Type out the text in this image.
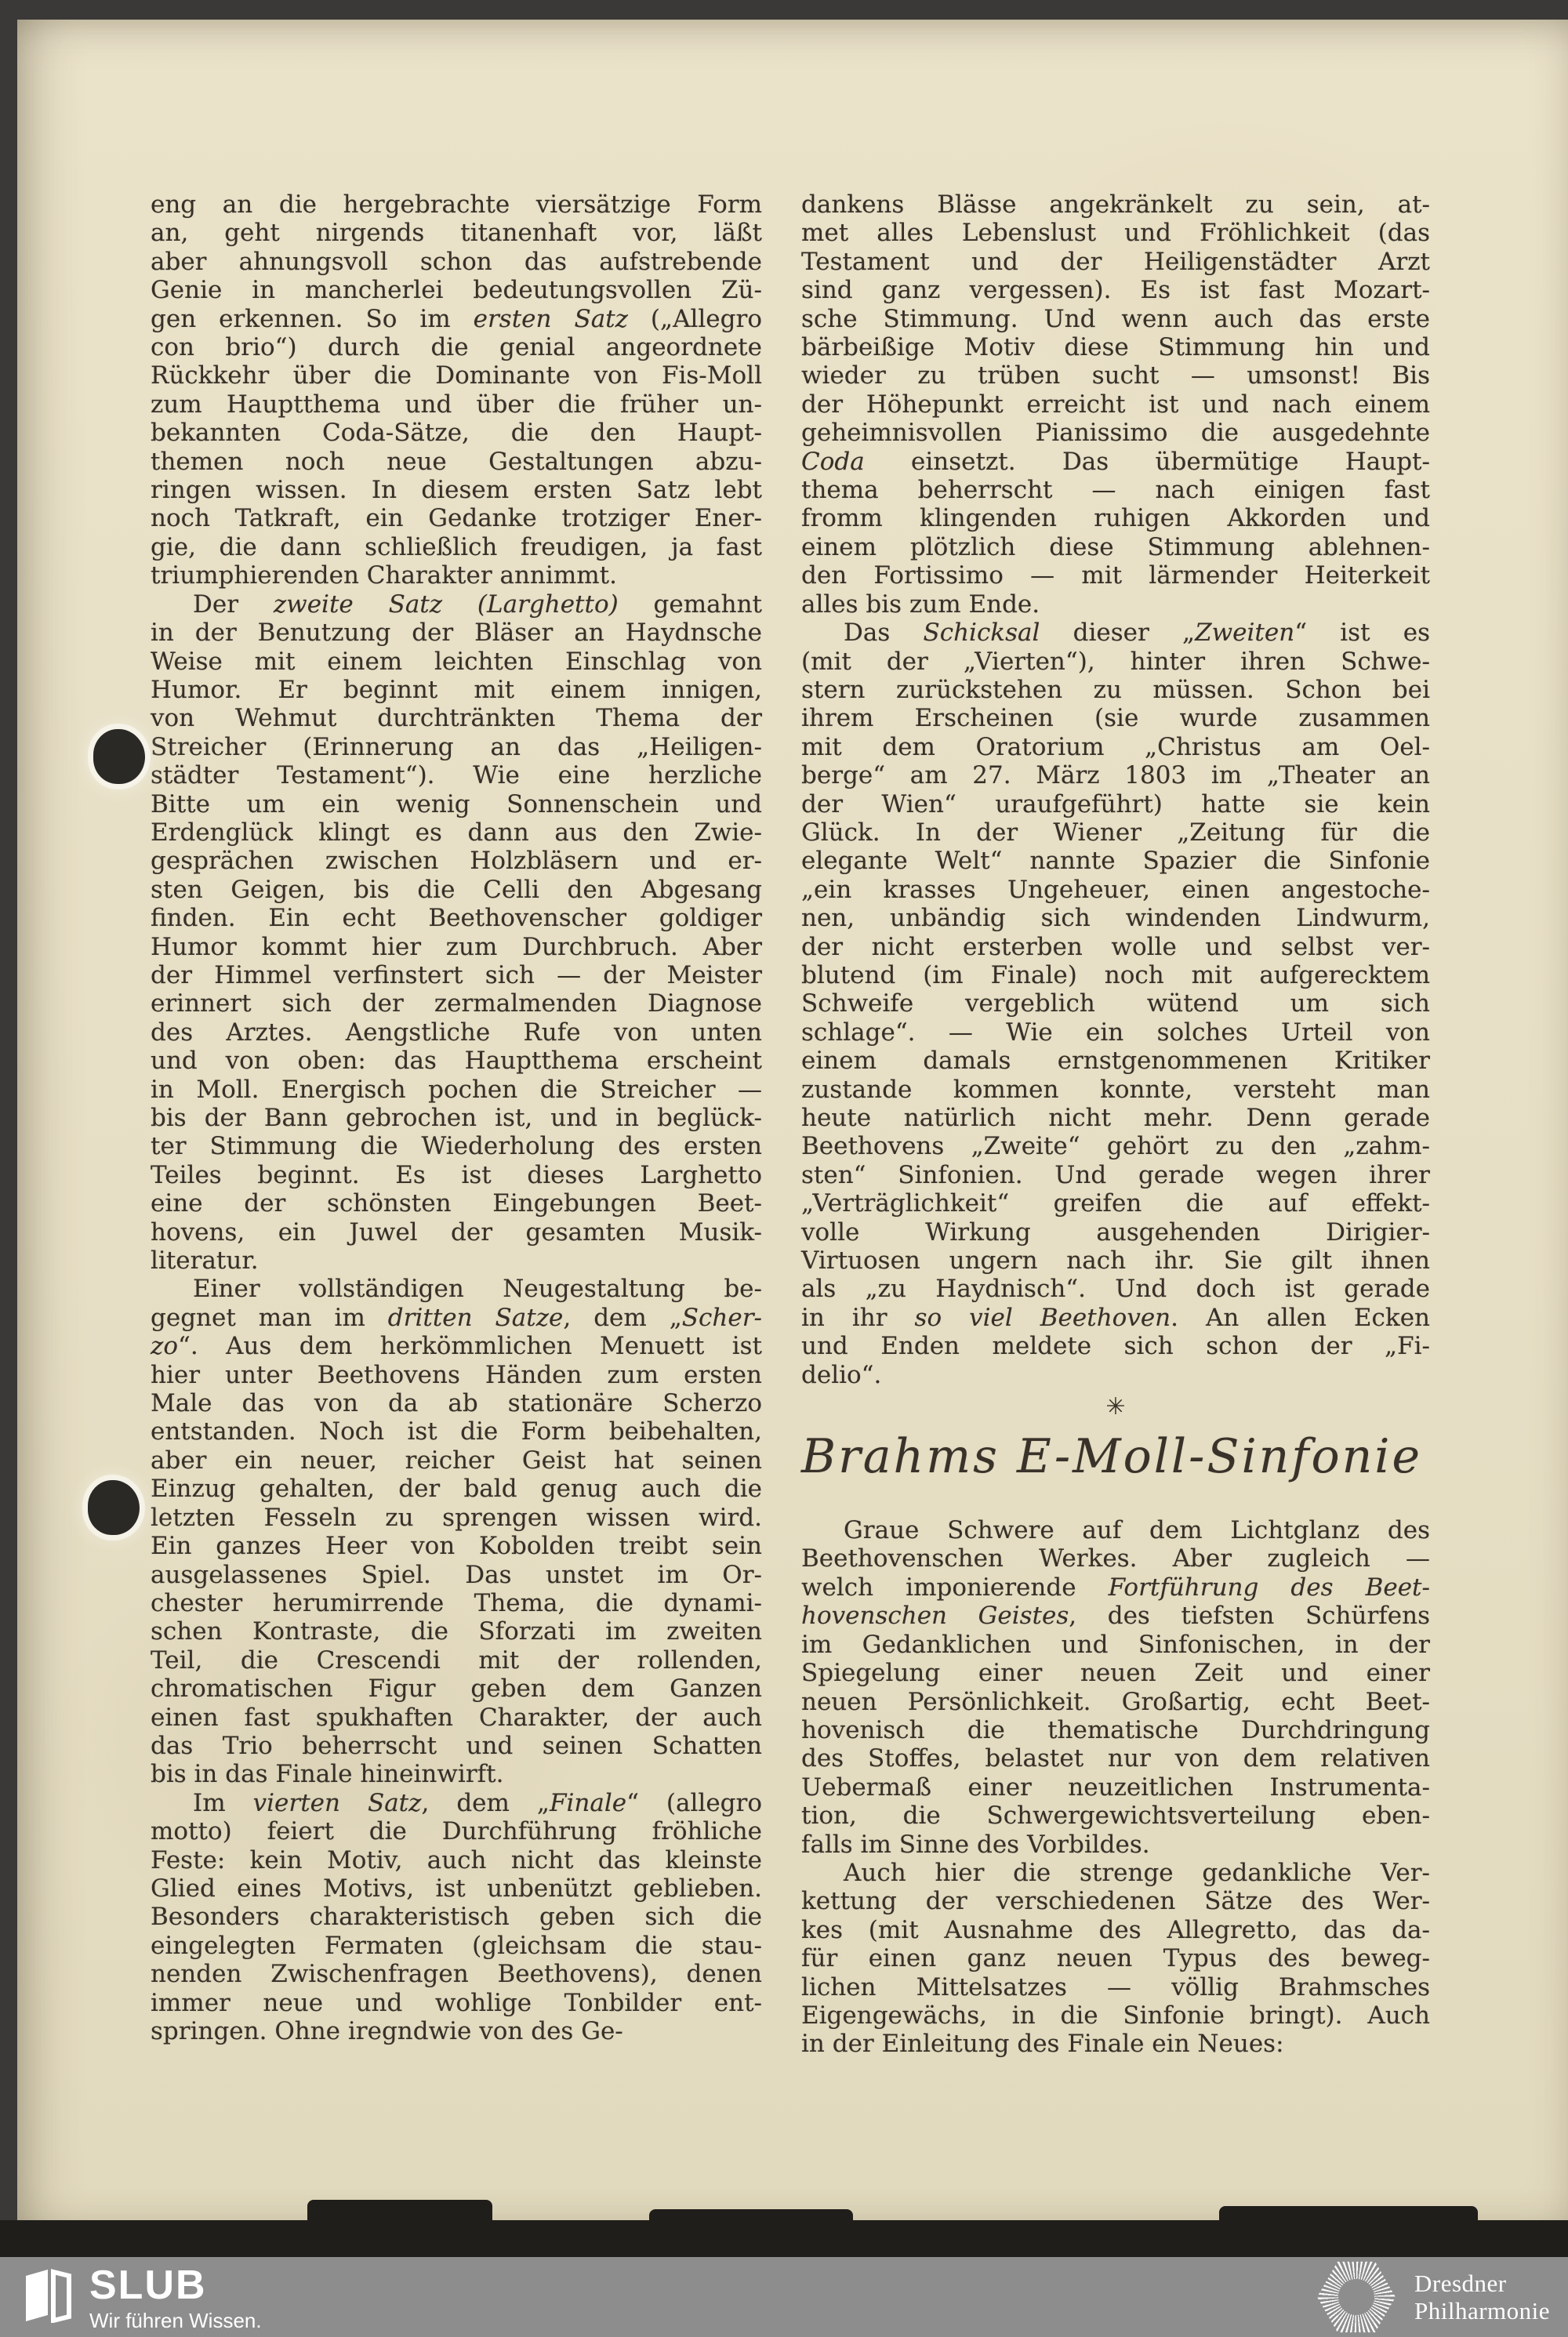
eng an die hergebrachte viersätzige Form
an, geht nirgends titanenhaft vor, läßt
aber ahnungsvoll schon das aufstrebende
Genie in mancherlei bedeutungsvollen Zü-
gen erkennen. So im ersten Satz („Allegro
con brio“) durch die genial angeordnete
Rückkehr über die Dominante von Fis-Moll
zum Hauptthema und über die früher un-
bekannten Coda-Sätze, die den Haupt-
themen noch neue Gestaltungen abzu-
ringen wissen. In diesem ersten Satz lebt
noch Tatkraft, ein Gedanke trotziger Ener-
gie, die dann schließlich freudigen, ja fast
triumphierenden Charakter annimmt.
Der zweite Satz (Larghetto) gemahnt
in der Benutzung der Bläser an Haydnsche
Weise mit einem leichten Einschlag von
Humor. Er beginnt mit einem innigen,
von Wehmut durchtränkten Thema der
Streicher (Erinnerung an das „Heiligen-
städter Testament“). Wie eine herzliche
Bitte um ein wenig Sonnenschein und
Erdenglück klingt es dann aus den Zwie-
gesprächen zwischen Holzbläsern und er-
sten Geigen, bis die Celli den Abgesang
finden. Ein echt Beethovenscher goldiger
Humor kommt hier zum Durchbruch. Aber
der Himmel verfinstert sich — der Meister
erinnert sich der zermalmenden Diagnose
des Arztes. Aengstliche Rufe von unten
und von oben: das Hauptthema erscheint
in Moll. Energisch pochen die Streicher —
bis der Bann gebrochen ist, und in beglück-
ter Stimmung die Wiederholung des ersten
Teiles beginnt. Es ist dieses Larghetto
eine der schönsten Eingebungen Beet-
hovens, ein Juwel der gesamten Musik-
literatur.
Einer vollständigen Neugestaltung be-
gegnet man im dritten Satze, dem „Scher-
zo“. Aus dem herkömmlichen Menuett ist
hier unter Beethovens Händen zum ersten
Male das von da ab stationäre Scherzo
entstanden. Noch ist die Form beibehalten,
aber ein neuer, reicher Geist hat seinen
Einzug gehalten, der bald genug auch die
letzten Fesseln zu sprengen wissen wird.
Ein ganzes Heer von Kobolden treibt sein
ausgelassenes Spiel. Das unstet im Or-
chester herumirrende Thema, die dynami-
schen Kontraste, die Sforzati im zweiten
Teil, die Crescendi mit der rollenden,
chromatischen Figur geben dem Ganzen
einen fast spukhaften Charakter, der auch
das Trio beherrscht und seinen Schatten
bis in das Finale hineinwirft.
Im vierten Satz, dem „Finale“ (allegro
motto) feiert die Durchführung fröhliche
Feste: kein Motiv, auch nicht das kleinste
Glied eines Motivs, ist unbenützt geblieben.
Besonders charakteristisch geben sich die
eingelegten Fermaten (gleichsam die stau-
nenden Zwischenfragen Beethovens), denen
immer neue und wohlige Tonbilder ent-
springen. Ohne iregndwie von des Ge-
dankens Blässe angekränkelt zu sein, at-
met alles Lebenslust und Fröhlichkeit (das
Testament und der Heiligenstädter Arzt
sind ganz vergessen). Es ist fast Mozart-
sche Stimmung. Und wenn auch das erste
bärbeißige Motiv diese Stimmung hin und
wieder zu trüben sucht — umsonst! Bis
der Höhepunkt erreicht ist und nach einem
geheimnisvollen Pianissimo die ausgedehnte
Coda einsetzt. Das übermütige Haupt-
thema beherrscht — nach einigen fast
fromm klingenden ruhigen Akkorden und
einem plötzlich diese Stimmung ablehnen-
den Fortissimo — mit lärmender Heiterkeit
alles bis zum Ende.
Das Schicksal dieser „Zweiten“ ist es
(mit der „Vierten“), hinter ihren Schwe-
stern zurückstehen zu müssen. Schon bei
ihrem Erscheinen (sie wurde zusammen
mit dem Oratorium „Christus am Oel-
berge“ am 27. März 1803 im „Theater an
der Wien“ uraufgeführt) hatte sie kein
Glück. In der Wiener „Zeitung für die
elegante Welt“ nannte Spazier die Sinfonie
„ein krasses Ungeheuer, einen angestoche-
nen, unbändig sich windenden Lindwurm,
der nicht ersterben wolle und selbst ver-
blutend (im Finale) noch mit aufgerecktem
Schweife vergeblich wütend um sich
schlage“. — Wie ein solches Urteil von
einem damals ernstgenommenen Kritiker
zustande kommen konnte, versteht man
heute natürlich nicht mehr. Denn gerade
Beethovens „Zweite“ gehört zu den „zahm-
sten“ Sinfonien. Und gerade wegen ihrer
„Verträglichkeit“ greifen die auf effekt-
volle Wirkung ausgehenden Dirigier-
Virtuosen ungern nach ihr. Sie gilt ihnen
als „zu Haydnisch“. Und doch ist gerade
in ihr so viel Beethoven. An allen Ecken
und Enden meldete sich schon der „Fi-
delio“.
✳
Brahms E-Moll-Sinfonie
Graue Schwere auf dem Lichtglanz des
Beethovenschen Werkes. Aber zugleich —
welch imponierende Fortführung des Beet-
hovenschen Geistes, des tiefsten Schürfens
im Gedanklichen und Sinfonischen, in der
Spiegelung einer neuen Zeit und einer
neuen Persönlichkeit. Großartig, echt Beet-
hovenisch die thematische Durchdringung
des Stoffes, belastet nur von dem relativen
Uebermaß einer neuzeitlichen Instrumenta-
tion, die Schwergewichtsverteilung eben-
falls im Sinne des Vorbildes.
Auch hier die strenge gedankliche Ver-
kettung der verschiedenen Sätze des Wer-
kes (mit Ausnahme des Allegretto, das da-
für einen ganz neuen Typus des beweg-
lichen Mittelsatzes — völlig Brahmsches
Eigengewächs, in die Sinfonie bringt). Auch
in der Einleitung des Finale ein Neues:
SLUB
Wir führen Wissen.
Dresdner
Philharmonie
